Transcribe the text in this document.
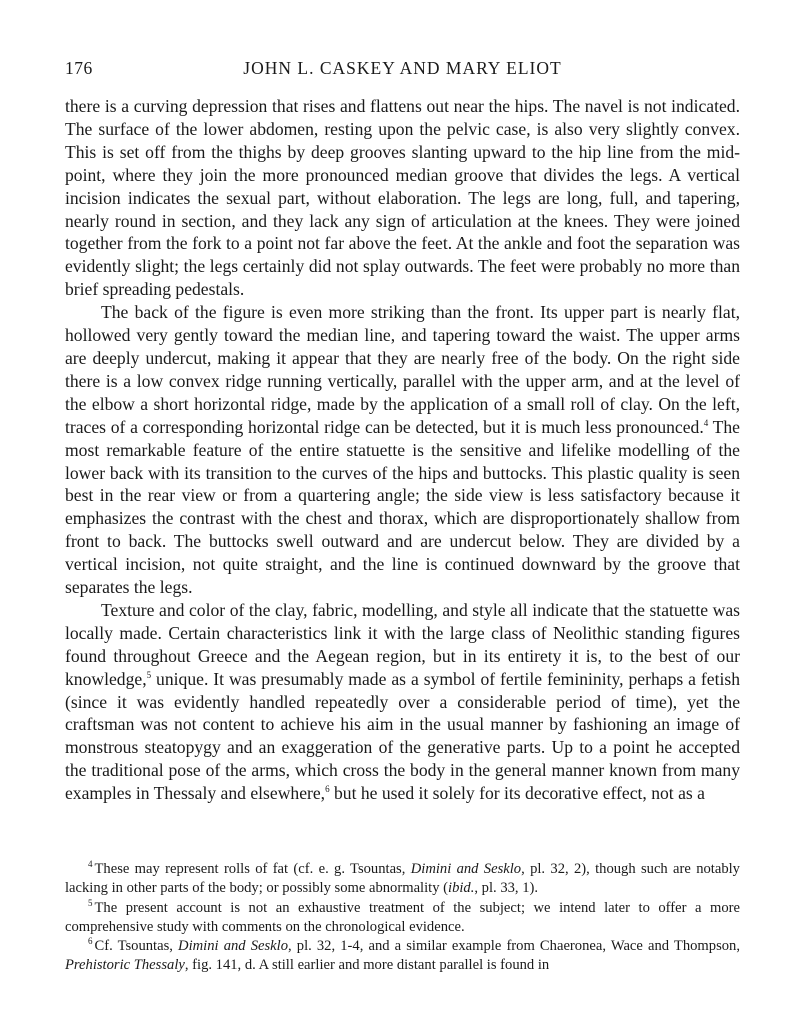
176	JOHN L. CASKEY AND MARY ELIOT

there is a curving depression that rises and flattens out near the hips. The navel is not indicated. The surface of the lower abdomen, resting upon the pelvic case, is also very slightly convex. This is set off from the thighs by deep grooves slanting upward to the hip line from the mid-point, where they join the more pronounced median groove that divides the legs. A vertical incision indicates the sexual part, without elaboration. The legs are long, full, and tapering, nearly round in section, and they lack any sign of articulation at the knees. They were joined together from the fork to a point not far above the feet. At the ankle and foot the separation was evidently slight; the legs certainly did not splay outwards. The feet were probably no more than brief spreading pedestals.

The back of the figure is even more striking than the front. Its upper part is nearly flat, hollowed very gently toward the median line, and tapering toward the waist. The upper arms are deeply undercut, making it appear that they are nearly free of the body. On the right side there is a low convex ridge running vertically, parallel with the upper arm, and at the level of the elbow a short horizontal ridge, made by the application of a small roll of clay. On the left, traces of a corresponding horizontal ridge can be detected, but it is much less pronounced.$^4$ The most remarkable feature of the entire statuette is the sensitive and lifelike modelling of the lower back with its transition to the curves of the hips and buttocks. This plastic quality is seen best in the rear view or from a quartering angle; the side view is less satisfactory because it emphasizes the contrast with the chest and thorax, which are disproportionately shallow from front to back. The buttocks swell outward and are undercut below. They are divided by a vertical incision, not quite straight, and the line is continued downward by the groove that separates the legs.

Texture and color of the clay, fabric, modelling, and style all indicate that the statuette was locally made. Certain characteristics link it with the large class of Neolithic standing figures found throughout Greece and the Aegean region, but in its entirety it is, to the best of our knowledge,$^5$ unique. It was presumably made as a symbol of fertile femininity, perhaps a fetish (since it was evidently handled repeatedly over a considerable period of time), yet the craftsman was not content to achieve his aim in the usual manner by fashioning an image of monstrous steatopygy and an exaggeration of the generative parts. Up to a point he accepted the traditional pose of the arms, which cross the body in the general manner known from many examples in Thessaly and elsewhere,$^6$ but he used it solely for its decorative effect, not as a

$^4$ These may represent rolls of fat (cf. e. g. Tsountas, Dimini and Sesklo, pl. 32, 2), though such are notably lacking in other parts of the body; or possibly some abnormality (ibid., pl. 33, 1).

$^5$ The present account is not an exhaustive treatment of the subject; we intend later to offer a more comprehensive study with comments on the chronological evidence.

$^6$ Cf. Tsountas, Dimini and Sesklo, pl. 32, 1-4, and a similar example from Chaeronea, Wace and Thompson, Prehistoric Thessaly, fig. 141, d. A still earlier and more distant parallel is found in
